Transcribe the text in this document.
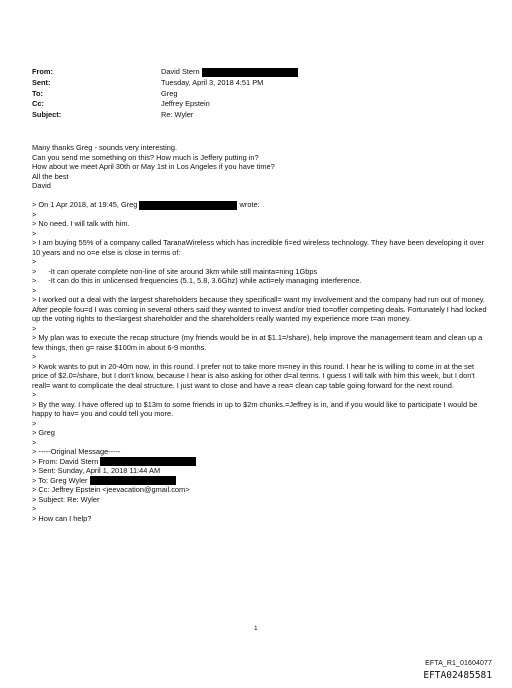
From:	David Stern

Sent:	Tuesday, April 3, 2018 4:51 PM
To:	Greg
Cc:	Jeffrey Epstein
Subject:	Re: Wyler

Many thanks Greg - sounds very interesting.

Can you send me something on this? How much is Jeffery putting in?

How about we meet April 30th or May 1st in Los Angeles if you have time?

All the best

David

> On 1 Apr 2018, at 19:45, Greg	wrote:

>

> No need. I will talk with him.

>

> I am buying 55% of a company called TaranaWireless which has incredible fi=ed wireless technology. They have been developing it over 10 years and no o=e else is close in terms of:

>

> -It can operate complete non-line of site around 3km while still mainta=ning 1Gbps

> -It can do this in unlicensed frequencies (5.1, 5.8, 3.6Ghz) while acti=ely managing interference.

>

> I worked out a deal with the largest shareholders because they specificall= want my involvement and the company had run out of money. After people fou=d I was coming in several others said they wanted to invest and/or tried to=offer competing deals. Fortunately I had locked up the voting rights to the=largest shareholder and the shareholders really wanted my experience more t=an money.

>

> My plan was to execute the recap structure (my friends would be in at $1.1=/share), help improve the management team and clean up a few things, then g= raise $100m in about 6-9 months.

>

> Kwok wants to put in 20-40m now, in this round. I prefer not to take more m=ney in this round. I hear he is willing to come in at the set price of $2.0=/share, but I don't know, because I hear is also asking for other d=al terms. I guess I will talk with him this week, but I don't reall= want to complicate the deal structure. I just want to close and have a rea= clean cap table going forward for the next round.

>

> By the way. I have offered up to $13m to some friends in up to $2m chunks.=Jeffrey is in, and if you would like to participate I would be happy to hav= you and could tell you more.

>

> Greg

>

> -----Original Message-----

> From: David Stern

> Sent: Sunday, April 1, 2018 11:44 AM

> To: Greg Wyler

> Cc: Jeffrey Epstein <jeevacation@gmail.com>

> Subject: Re: Wyler

>

> How can I help?

1
EFTA_R1_01604077
EFTA02485581
